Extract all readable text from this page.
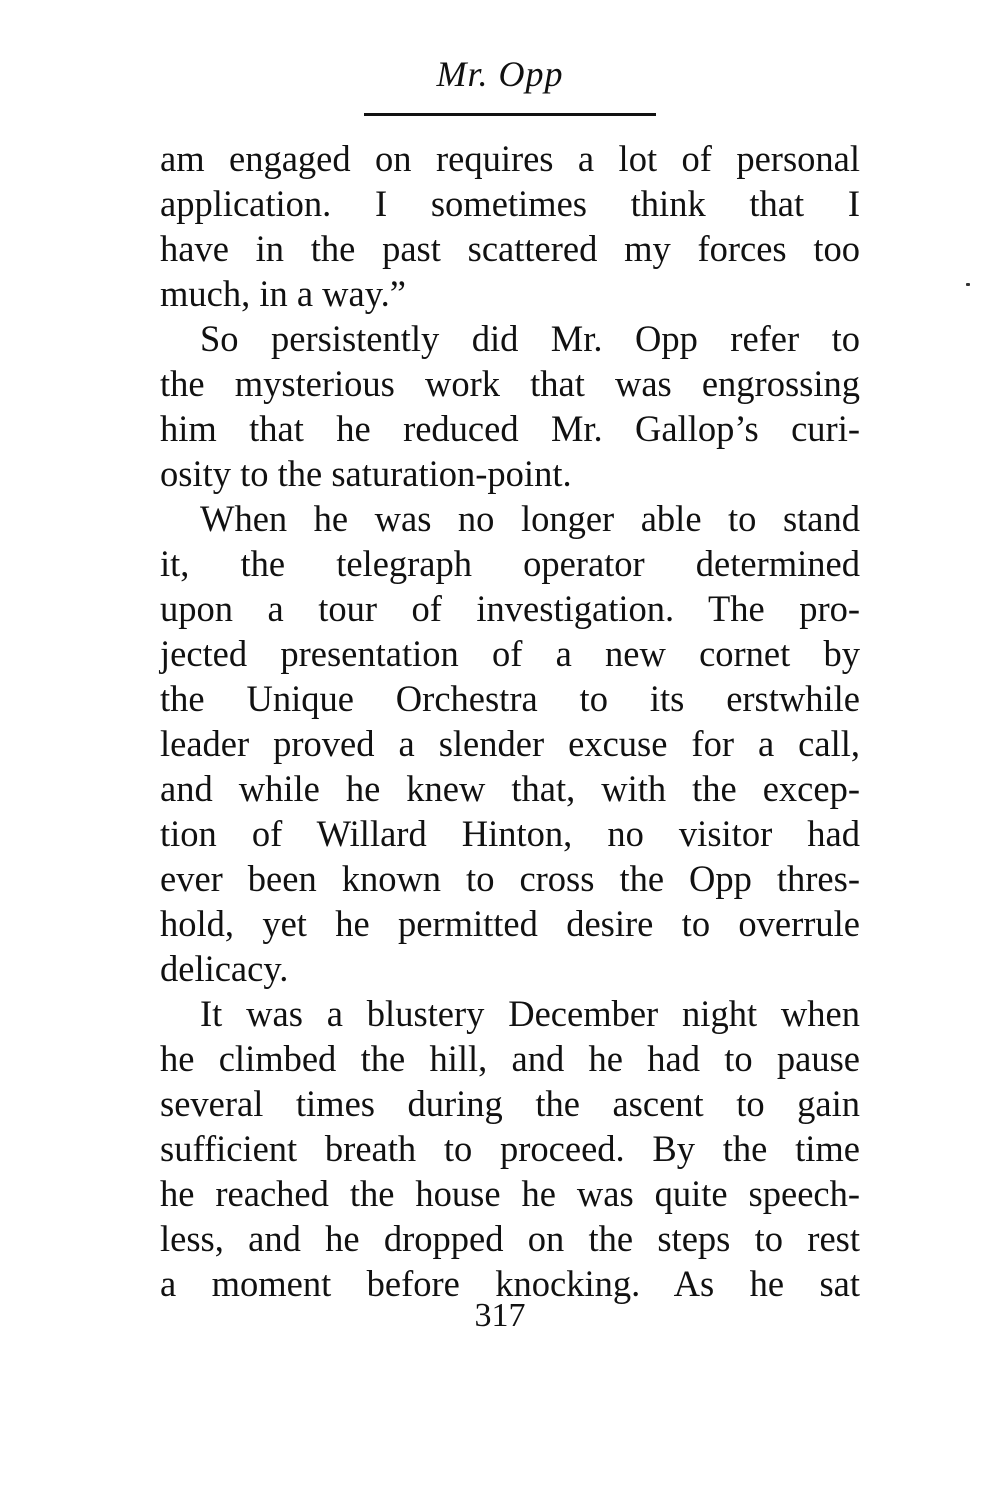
Mr. Opp
am engaged on requires a lot of personal
application. I sometimes think that I
have in the past scattered my forces too
much, in a way.”
So persistently did Mr. Opp refer to
the mysterious work that was engrossing
him that he reduced Mr. Gallop’s curi-
osity to the saturation-point.
When he was no longer able to stand
it, the telegraph operator determined
upon a tour of investigation. The pro-
jected presentation of a new cornet by
the Unique Orchestra to its erstwhile
leader proved a slender excuse for a call,
and while he knew that, with the excep-
tion of Willard Hinton, no visitor had
ever been known to cross the Opp thres-
hold, yet he permitted desire to overrule
delicacy.
It was a blustery December night when
he climbed the hill, and he had to pause
several times during the ascent to gain
sufficient breath to proceed. By the time
he reached the house he was quite speech-
less, and he dropped on the steps to rest
a moment before knocking. As he sat
317
